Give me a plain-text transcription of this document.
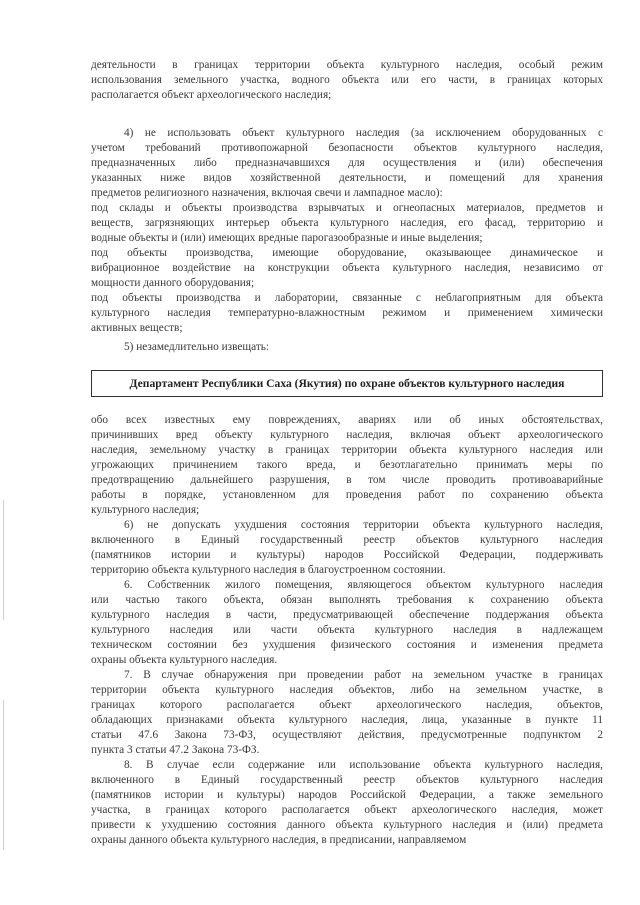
деятельности в границах территории объекта культурного наследия, особый режим
использования земельного участка, водного объекта или его части, в границах которых
располагается объект археологического наследия;
4) не использовать объект культурного наследия (за исключением оборудованных с
учетом требований противопожарной безопасности объектов культурного наследия,
предназначенных либо предназначавшихся для осуществления и (или) обеспечения
указанных ниже видов хозяйственной деятельности, и помещений для хранения
предметов религиозного назначения, включая свечи и лампадное масло):
под склады и объекты производства взрывчатых и огнеопасных материалов, предметов и
веществ, загрязняющих интерьер объекта культурного наследия, его фасад, территорию и
водные объекты и (или) имеющих вредные парогазообразные и иные выделения;
под объекты производства, имеющие оборудование, оказывающее динамическое и
вибрационное воздействие на конструкции объекта культурного наследия, независимо от
мощности данного оборудования;
под объекты производства и лаборатории, связанные с неблагоприятным для объекта
культурного наследия температурно-влажностным режимом и применением химически
активных веществ;
5) незамедлительно извещать:
обо всех известных ему повреждениях, авариях или об иных обстоятельствах,
причинивших вред объекту культурного наследия, включая объект археологического
наследия, земельному участку в границах территории объекта культурного наследия или
угрожающих причинением такого вреда, и безотлагательно принимать меры по
предотвращению дальнейшего разрушения, в том числе проводить противоаварийные
работы в порядке, установленном для проведения работ по сохранению объекта
культурного наследия;
6) не допускать ухудшения состояния территории объекта культурного наследия,
включенного в Единый государственный реестр объектов культурного наследия
(памятников истории и культуры) народов Российской Федерации, поддерживать
территорию объекта культурного наследия в благоустроенном состоянии.
6. Собственник жилого помещения, являющегося объектом культурного наследия
или частью такого объекта, обязан выполнять требования к сохранению объекта
культурного наследия в части, предусматривающей обеспечение поддержания объекта
культурного наследия или части объекта культурного наследия в надлежащем
техническом состоянии без ухудшения физического состояния и изменения предмета
охраны объекта культурного наследия.
7. В случае обнаружения при проведении работ на земельном участке в границах
территории объекта культурного наследия объектов, либо на земельном участке, в
границах которого располагается объект археологического наследия, объектов,
обладающих признаками объекта культурного наследия, лица, указанные в пункте 11
статьи 47.6 Закона 73-ФЗ, осуществляют действия, предусмотренные подпунктом 2
пункта 3 статьи 47.2 Закона 73-ФЗ.
8. В случае если содержание или использование объекта культурного наследия,
включенного в Единый государственный реестр объектов культурного наследия
(памятников истории и культуры) народов Российской Федерации, а также земельного
участка, в границах которого располагается объект археологического наследия, может
привести к ухудшению состояния данного объекта культурного наследия и (или) предмета
охраны данного объекта культурного наследия, в предписании, направляемом
Департамент Республики Саха (Якутия) по охране объектов культурного наследия
